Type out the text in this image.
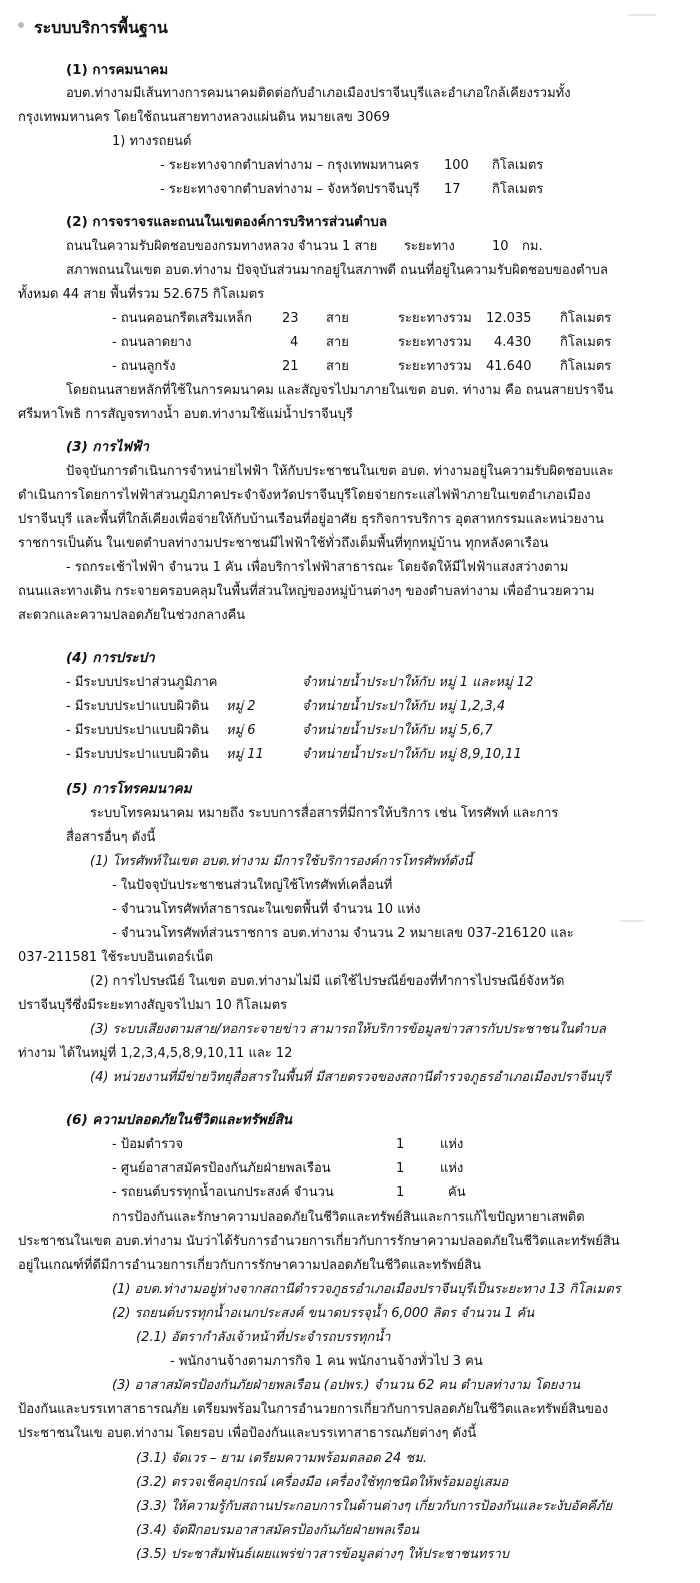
ระบบบริการพื้นฐาน
(1) การคมนาคม
อบต.ท่างามมีเส้นทางการคมนาคมติดต่อกับอำเภอเมืองปราจีนบุรีและอำเภอใกล้เคียงรวมทั้ง
กรุงเทพมหานคร โดยใช้ถนนสายทางหลวงแผ่นดิน หมายเลข 3069
1) ทางรถยนต์
- ระยะทางจากตำบลท่างาม – กรุงเทพมหานคร 100 กิโลเมตร
- ระยะทางจากตำบลท่างาม – จังหวัดปราจีนบุรี 17 กิโลเมตร
(2) การจราจรและถนนในเขตองค์การบริหารส่วนตำบล
ถนนในความรับผิดชอบของกรมทางหลวง จำนวน 1 สาย ระยะทาง	10 กม.
สภาพถนนในเขต อบต.ท่างาม ปัจจุบันส่วนมากอยู่ในสภาพดี ถนนที่อยู่ในความรับผิดชอบของตำบล
ทั้งหมด 44 สาย พื้นที่รวม 52.675 กิโลเมตร
- ถนนคอนกรีตเสริมเหล็ก 23 สาย	ระยะทางรวม 12.035 กิโลเมตร
- ถนนลาดยาง	4 สาย	ระยะทางรวม 4.430 กิโลเมตร
- ถนนลูกรัง	21 สาย	ระยะทางรวม 41.640 กิโลเมตร
โดยถนนสายหลักที่ใช้ในการคมนาคม และสัญจรไปมาภายในเขต อบต. ท่างาม คือ ถนนสายปราจีน
ศรีมหาโพธิ การสัญจรทางน้ำ อบต.ท่างามใช้แม่น้ำปราจีนบุรี
(3) การไฟฟ้า
ปัจจุบันการดำเนินการจำหน่ายไฟฟ้า ให้กับประชาชนในเขต อบต. ท่างามอยู่ในความรับผิดชอบและ
ดำเนินการโดยการไฟฟ้าส่วนภูมิภาคประจำจังหวัดปราจีนบุรีโดยจ่ายกระแสไฟฟ้าภายในเขตอำเภอเมือง
ปราจีนบุรี และพื้นที่ใกล้เคียงเพื่อจ่ายให้กับบ้านเรือนที่อยู่อาศัย ธุรกิจการบริการ อุตสาหกรรมและหน่วยงาน
ราชการเป็นต้น ในเขตตำบลท่างามประชาชนมีไฟฟ้าใช้ทั่วถึงเต็มพื้นที่ทุกหมู่บ้าน ทุกหลังคาเรือน
- รถกระเช้าไฟฟ้า จำนวน 1 คัน เพื่อบริการไฟฟ้าสาธารณะ โดยจัดให้มีไฟฟ้าแสงสว่างตาม
ถนนและทางเดิน กระจายครอบคลุมในพื้นที่ส่วนใหญ่ของหมู่บ้านต่างๆ ของตำบลท่างาม เพื่ออำนวยความ
สะดวกและความปลอดภัยในช่วงกลางคืน
(4) การประปา
- มีระบบประปาส่วนภูมิภาค	จำหน่ายน้ำประปาให้กับ หมู่ 1 และหมู่ 12
- มีระบบประปาแบบผิวดิน หมู่ 2	จำหน่ายน้ำประปาให้กับ หมู่ 1,2,3,4
- มีระบบประปาแบบผิวดิน หมู่ 6	จำหน่ายน้ำประปาให้กับ หมู่ 5,6,7
- มีระบบประปาแบบผิวดิน หมู่ 11	จำหน่ายน้ำประปาให้กับ หมู่ 8,9,10,11
(5) การโทรคมนาคม
ระบบโทรคมนาคม หมายถึง ระบบการสื่อสารที่มีการให้บริการ เช่น โทรศัพท์ และการ
สื่อสารอื่นๆ ดังนี้
(1) โทรศัพท์ในเขต อบต.ท่างาม มีการใช้บริการองค์การโทรศัพท์ดังนี้
- ในปัจจุบันประชาชนส่วนใหญ่ใช้โทรศัพท์เคลื่อนที่
- จำนวนโทรศัพท์สาธารณะในเขตพื้นที่ จำนวน 10 แห่ง
- จำนวนโทรศัพท์ส่วนราชการ อบต.ท่างาม จำนวน 2 หมายเลข 037-216120 และ
037-211581 ใช้ระบบอินเตอร์เน็ต
(2) การไปรษณีย์ ในเขต อบต.ท่างามไม่มี แต่ใช้ไปรษณีย์ของที่ทำการไปรษณีย์จังหวัด
ปราจีนบุรีซึ่งมีระยะทางสัญจรไปมา 10 กิโลเมตร
(3) ระบบเสียงตามสาย/หอกระจายข่าว สามารถให้บริการข้อมูลข่าวสารกับประชาชนในตำบล
ท่างาม ได้ในหมู่ที่ 1,2,3,4,5,8,9,10,11 และ 12
(4) หน่วยงานที่มีข่ายวิทยุสื่อสารในพื้นที่ มีสายตรวจของสถานีตำรวจภูธรอำเภอเมืองปราจีนบุรี
(6) ความปลอดภัยในชีวิตและทรัพย์สิน
- ป้อมตำรวจ	1	แห่ง
- ศูนย์อาสาสมัครป้องกันภัยฝ่ายพลเรือน	1	แห่ง
- รถยนต์บรรทุกน้ำอเนกประสงค์ จำนวน	1	คัน
การป้องกันและรักษาความปลอดภัยในชีวิตและทรัพย์สินและการแก้ไขปัญหายาเสพติด
ประชาชนในเขต อบต.ท่างาม นับว่าได้รับการอำนวยการเกี่ยวกับการรักษาความปลอดภัยในชีวิตและทรัพย์สิน
อยู่ในเกณฑ์ที่ดีมีการอำนวยการเกี่ยวกับการรักษาความปลอดภัยในชีวิตและทรัพย์สิน
(1) อบต.ท่างามอยู่ห่างจากสถานีตำรวจภูธรอำเภอเมืองปราจีนบุรีเป็นระยะทาง 13 กิโลเมตร
(2) รถยนต์บรรทุกน้ำอเนกประสงค์ ขนาดบรรจุน้ำ 6,000 ลิตร จำนวน 1 คัน
(2.1) อัตรากำลังเจ้าหน้าที่ประจำรถบรรทุกน้ำ
- พนักงานจ้างตามภารกิจ 1 คน พนักงานจ้างทั่วไป 3 คน
(3) อาสาสมัครป้องกันภัยฝ่ายพลเรือน (อปพร.) จำนวน 62 คน ตำบลท่างาม โดยงาน
ป้องกันและบรรเทาสาธารณภัย เตรียมพร้อมในการอำนวยการเกี่ยวกับการปลอดภัยในชีวิตและทรัพย์สินของ
ประชาชนในเข อบต.ท่างาม โดยรอบ เพื่อป้องกันและบรรเทาสาธารณภัยต่างๆ ดังนี้
(3.1) จัดเวร – ยาม เตรียมความพร้อมตลอด 24 ชม.
(3.2) ตรวจเช็คอุปกรณ์ เครื่องมือ เครื่องใช้ทุกชนิดให้พร้อมอยู่เสมอ
(3.3) ให้ความรู้กับสถานประกอบการในด้านต่างๆ เกี่ยวกับการป้องกันและระงับอัคคีภัย
(3.4) จัดฝึกอบรมอาสาสมัครป้องกันภัยฝ่ายพลเรือน
(3.5) ประชาสัมพันธ์เผยแพร่ข่าวสารข้อมูลต่างๆ ให้ประชาชนทราบ
